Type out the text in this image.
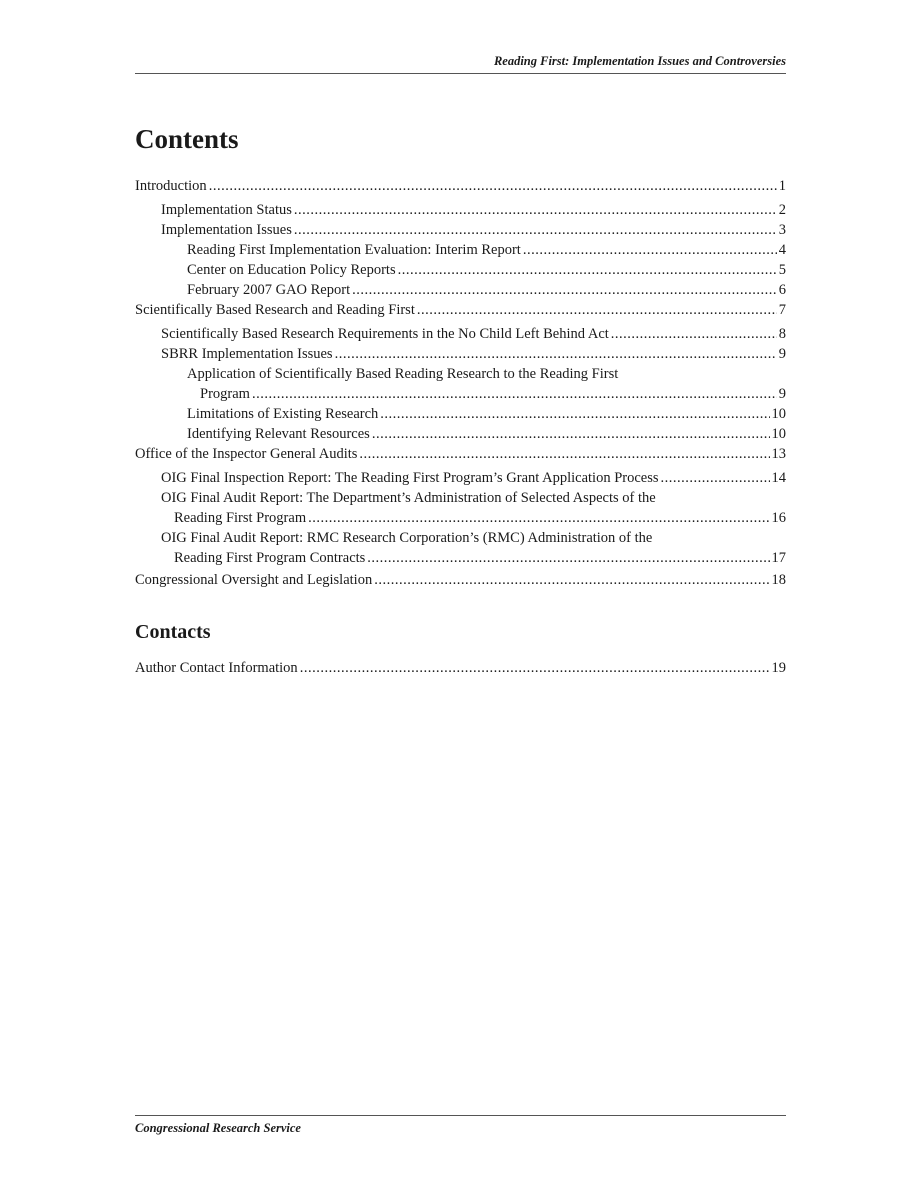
Reading First: Implementation Issues and Controversies
Contents
Introduction .....	1
Implementation Status .....	2
Implementation Issues .....	3
Reading First Implementation Evaluation: Interim Report .....	4
Center on Education Policy Reports .....	5
February 2007 GAO Report .....	6
Scientifically Based Research and Reading First .....	7
Scientifically Based Research Requirements in the No Child Left Behind Act .....	8
SBRR Implementation Issues .....	9
Application of Scientifically Based Reading Research to the Reading First
Program .....	9
Limitations of Existing Research .....	10
Identifying Relevant Resources .....	10
Office of the Inspector General Audits .....	13
OIG Final Inspection Report: The Reading First Program’s Grant Application Process .....	14
OIG Final Audit Report: The Department’s Administration of Selected Aspects of the
Reading First Program .....	16
OIG Final Audit Report: RMC Research Corporation’s (RMC) Administration of the
Reading First Program Contracts .....	17
Congressional Oversight and Legislation .....	18
Contacts
Author Contact Information .....	19
Congressional Research Service
